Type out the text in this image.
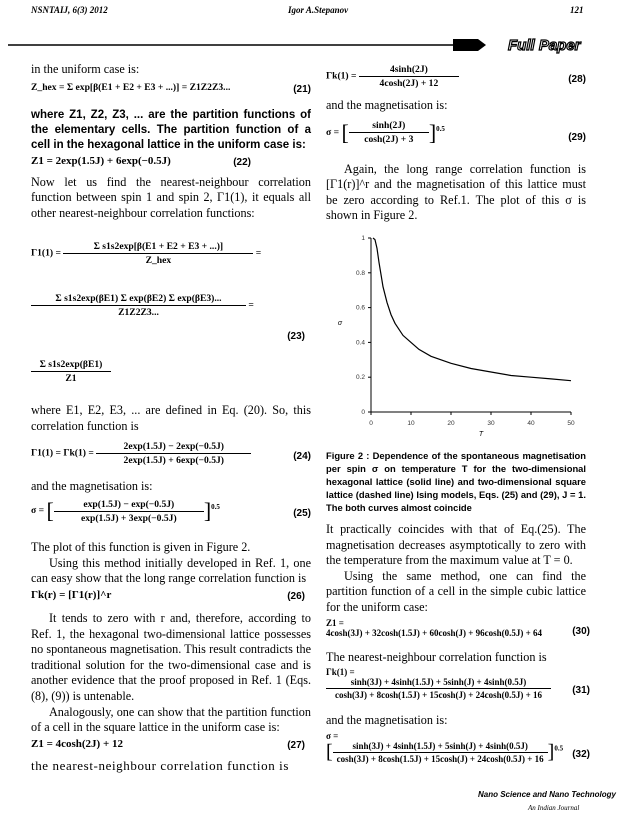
NSNTAIJ, 6(3) 2012	Igor A.Stepanov	121
Full Paper

in the uniform case is:

Z_hex = Σ exp[β(E1 + E2 + E3 + ...)] = Z1Z2Z3...	(21)

where Z1, Z2, Z3, ... are the partition functions of the elementary cells. The partition function of a cell in the hexagonal lattice in the uniform case is:

Z1 = 2exp(1.5J) + 6exp(−0.5J)	(22)

Now let us find the nearest-neighbour correlation function between spin 1 and spin 2, Γ1(1), it equals all other nearest-neighbour correlation functions:

$\Gamma 1(1) = \frac{\text{Σ s1s2exp[β(E1 + E2 + E3 + ...)]}}{\text{Z\_hex}}$ =
$\frac{\text{Σ s1s2exp(βE1) Σ exp(βE2) Σ exp(βE3)...}}{Z1Z2Z3...}$ =
(23)
$\frac{\text{Σ s1s2exp(βE1)}}{Z1}$

where E1, E2, E3, ... are defined in Eq. (20). So, this correlation function is

$\Gamma 1(1) = \Gamma k(1) = \frac{2\exp(1.5J) - 2\exp(-0.5J)}{2\exp(1.5J) + 6\exp(-0.5J)}$	(24)

and the magnetisation is:

σ = [ $\frac{\exp(1.5J) - \exp(-0.5J)}{\exp(1.5J) + 3\exp(-0.5J)} ]^{0.5}$
(25)

The plot of this function is given in Figure 2.

Using this method initially developed in Ref. 1, one can easy show that the long range correlation function is

Γk(r) = [Γ1(r)]^r	(26)

It tends to zero with r and, therefore, according to Ref. 1, the hexagonal two-dimensional lattice possesses no spontaneous magnetisation. This result contradicts the traditional solution for the two-dimensional case and is another evidence that the proof proposed in Ref. 1 (Eqs. (8), (9)) is untenable.

Analogously, one can show that the partition function of a cell in the square lattice in the uniform case is:

Z1 = 4cosh(2J) + 12	(27)

the nearest-neighbour correlation function is

$\Gamma k(1) = \frac{4\sinh(2J)}{4\cosh(2J) + 12}$	(28)

and the magnetisation is:

σ = [ $\frac{\sinh(2J)}{\cosh(2J) + 3} ]^{0.5}$
(29)

Again, the long range correlation function is [Γ1(r)]^r and the magnetisation of this lattice must be zero according to Ref.1. The plot of this σ is shown in Figure 2.

0	10	20	30	40	50
0
0.2
0.4
0.6
0.8
1
T
σ

Figure 2 : Dependence of the spontaneous magnetisation per spin σ on temperature T for the two-dimensional hexagonal lattice (solid line) and two-dimensional square lattice (dashed line) Ising models, Eqs. (25) and (29), J = 1. The both curves almost coincide

It practically coincides with that of Eq.(25). The magnetisation decreases asymptotically to zero with the temperature from the maximum value at T = 0.

Using the same method, one can find the partition function of a cell in the simple cubic lattice for the uniform case:

Z1 =
4cosh(3J) + 32cosh(1.5J) + 60cosh(J) + 96cosh(0.5J) + 64	(30)

The nearest-neighbour correlation function is

Γk(1) =
$\frac{\sinh(3J) + 4\sinh(1.5J) + 5\sinh(J) + 4\sinh(0.5J)}{\cosh(3J) + 8\cosh(1.5J) + 15\cosh(J) + 24\cosh(0.5J) + 16} (31)$

and the magnetisation is:

σ =
[ $\frac{\sinh(3J) + 4\sinh(1.5J) + 5\sinh(J) + 4\sinh(0.5J)}{\cosh(3J) + 8\cosh(1.5J) + 15\cosh(J) + 24\cosh(0.5J) + 16} ]^{0.5}$
(32)
Nano Science and Nano Technology
An Indian Journal
